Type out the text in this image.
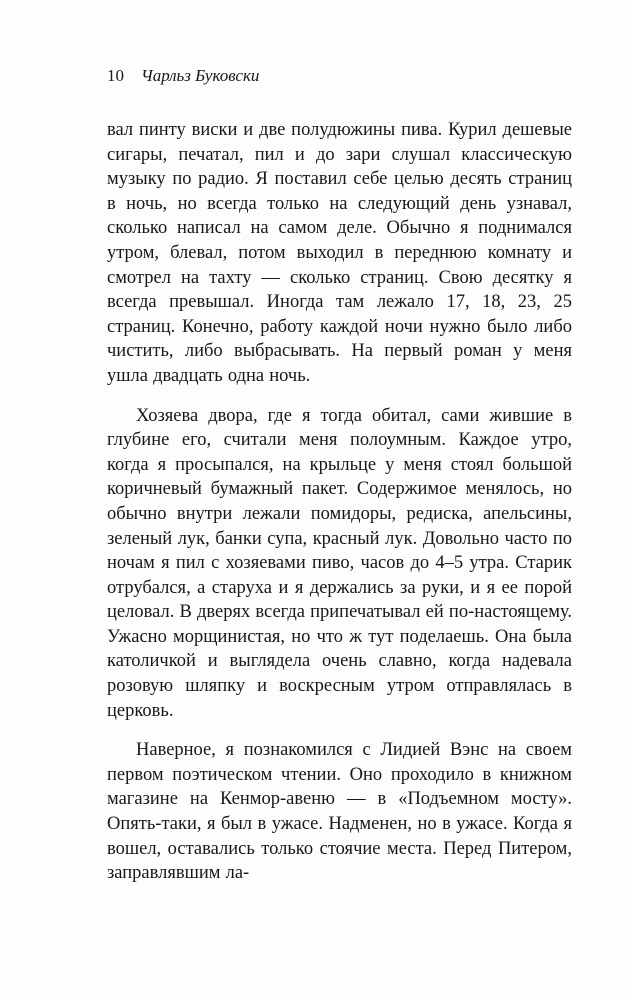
10 Чарльз Буковски

вал пинту виски и две полудюжины пива. Курил дешевые сигары, печатал, пил и до зари слушал классическую музыку по радио. Я поставил себе целью десять страниц в ночь, но всегда только на следующий день узнавал, сколько написал на самом деле. Обычно я поднимался утром, блевал, потом выходил в переднюю комнату и смотрел на тахту — сколько страниц. Свою десятку я всегда превышал. Иногда там лежало 17, 18, 23, 25 страниц. Конечно, работу каждой ночи нужно было либо чистить, либо выбрасывать. На первый роман у меня ушла двадцать одна ночь.

Хозяева двора, где я тогда обитал, сами жившие в глубине его, считали меня полоумным. Каждое утро, когда я просыпался, на крыльце у меня стоял большой коричневый бумажный пакет. Содержимое менялось, но обычно внутри лежали помидоры, редиска, апельсины, зеленый лук, банки супа, красный лук. Довольно часто по ночам я пил с хозяевами пиво, часов до 4–5 утра. Старик отрубался, а старуха и я держались за руки, и я ее порой целовал. В дверях всегда припечатывал ей по-настоящему. Ужасно морщинистая, но что ж тут поделаешь. Она была католичкой и выглядела очень славно, когда надевала розовую шляпку и воскресным утром отправлялась в церковь.

Наверное, я познакомился с Лидией Вэнс на своем первом поэтическом чтении. Оно проходило в книжном магазине на Кенмор-авеню — в «Подъемном мосту». Опять-таки, я был в ужасе. Надменен, но в ужасе. Когда я вошел, оставались только стоячие места. Перед Питером, заправлявшим ла-
